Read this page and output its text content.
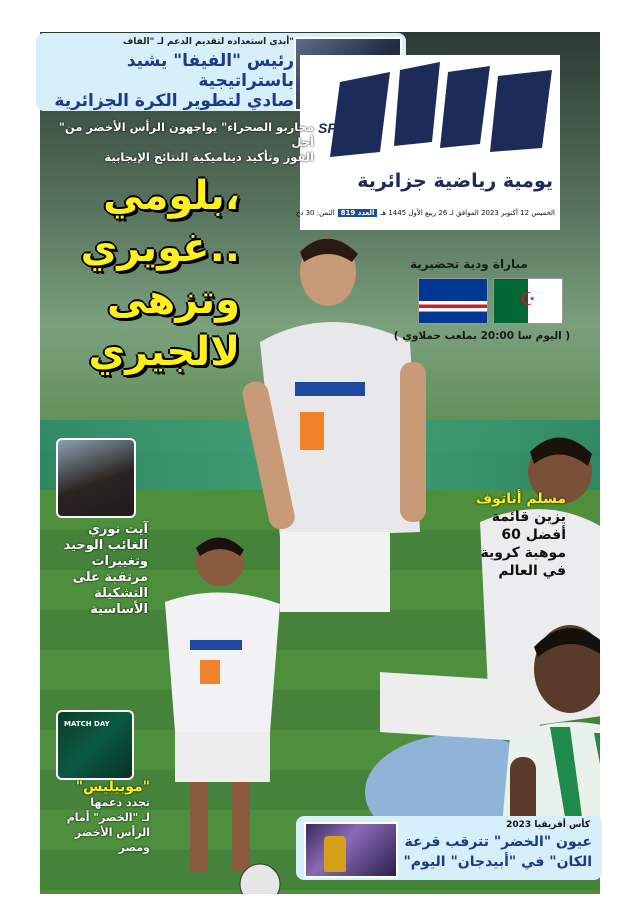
أبدى استعداده لتقديم الدعم لـ "الفاف"
رئيس "الفيفا" يشيد باستراتيجية
صادي لتطوير الكرة الجزائرية
SPORT
يومية رياضية جزائرية
الثمن: 30 دج العدد 819 الخميس 12 أكتوبر 2023 الموافق لـ 26 ربيع الأول 1445 هـ
"محاربو الصحراء" يواجهون الرأس الأخضر من أجل
الفوز وتأكيد ديناميكية النتائج الإيجابية
بلومي،
غويري..
وتزهى
لالجيري
مباراة ودية تحضيرية
☪
( اليوم سا 20:00 بملعب حملاوي )
آيت نوري
الغائب الوحيد
وتغييرات
مرتقبة على
التشكيلة
الأساسية
مسلم أناتوف
يزين قائمة
أفضل 60
موهبة كروية
في العالم
MATCH DAY
"موبيليس"
تجدد دعمها
لـ "الخضر" أمام
الرأس الأخضر
ومصر
كأس أفريقيا 2023
عيون "الخضر" تترقب قرعة
"الكان" في "أبيدجان" اليوم
